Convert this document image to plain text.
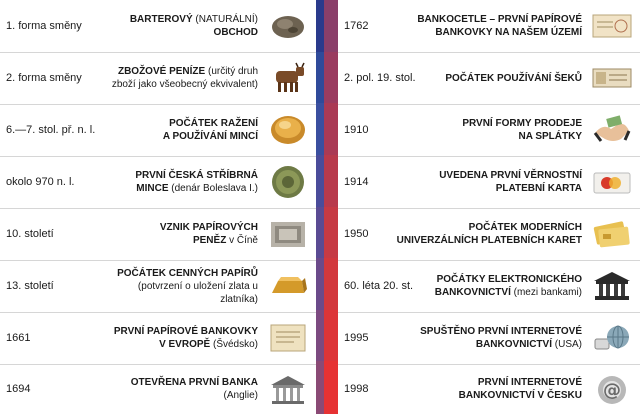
1. forma směny
BARTEROVÝ (NATURÁLNÍ)
OBCHOD
2. forma směny
ZBOŽOVÉ PENÍZE (určitý druh
zboží jako všeobecný ekvivalent)
6.—7. stol. př. n. l.
POČÁTEK RAŽENÍ
A POUŽÍVÁNÍ MINCÍ
okolo 970 n. l.
PRVNÍ ČESKÁ STŘÍBRNÁ
MINCE (denár Boleslava I.)
10. století
VZNIK PAPÍROVÝCH
PENĚZ v Číně
13. století
POČÁTEK CENNÝCH PAPÍRŮ
(potvrzení o uložení zlata u zlatníka)
1661
PRVNÍ PAPÍROVÉ BANKOVKY
V EVROPĚ (Švédsko)
1694
OTEVŘENA PRVNÍ BANKA (Anglie)
1762
BANKOCETLE – PRVNÍ PAPÍROVÉ
BANKOVKY NA NAŠEM ÚZEMÍ
2. pol. 19. stol.	POČÁTEK POUŽÍVÁNÍ ŠEKŮ
1910
PRVNÍ FORMY PRODEJE
NA SPLÁTKY
1914
UVEDENA PRVNÍ VĚRNOSTNÍ
PLATEBNÍ KARTA
1950
POČÁTEK MODERNÍCH
UNIVERZÁLNÍCH PLATEBNÍCH KARET
60. léta 20. st.
POČÁTKY ELEKTRONICKÉHO
BANKOVNICTVÍ (mezi bankami)
1995
SPUŠTĚNO PRVNÍ INTERNETOVÉ
BANKOVNICTVÍ (USA)
1998
PRVNÍ INTERNETOVÉ
BANKOVNICTVÍ V ČESKU @
